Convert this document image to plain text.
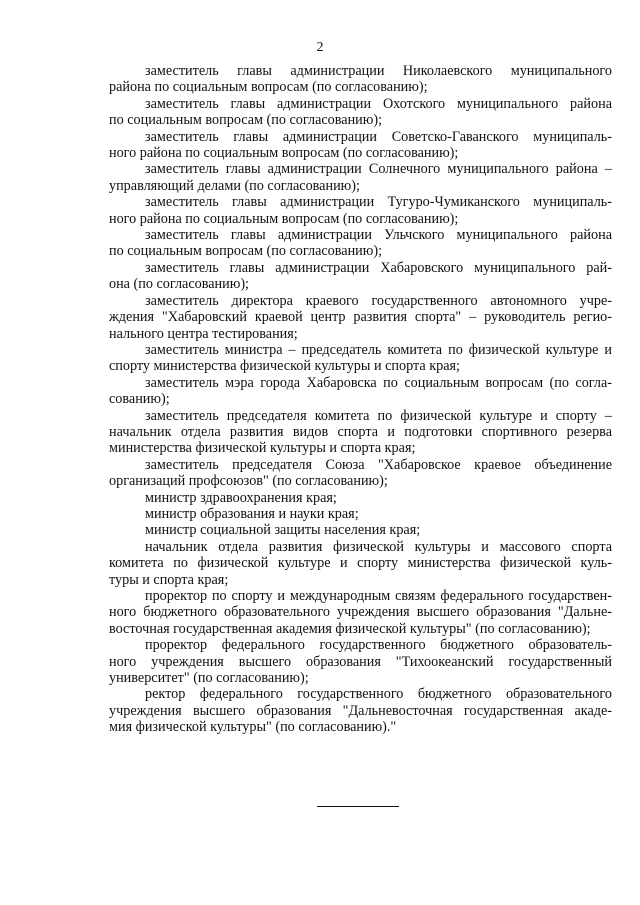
2

заместитель главы администрации Николаевского муниципального
района по социальным вопросам (по согласованию);

заместитель главы администрации Охотского муниципального района
по социальным вопросам (по согласованию);

заместитель главы администрации Советско-Гаванского муниципаль-
ного района по социальным вопросам (по согласованию);

заместитель главы администрации Солнечного муниципального района –
управляющий делами (по согласованию);

заместитель главы администрации Тугуро-Чумиканского муниципаль-
ного района по социальным вопросам (по согласованию);

заместитель главы администрации Ульчского муниципального района
по социальным вопросам (по согласованию);

заместитель главы администрации Хабаровского муниципального рай-
она (по согласованию);

заместитель директора краевого государственного автономного учре-
ждения "Хабаровский краевой центр развития спорта" – руководитель регио-
нального центра тестирования;

заместитель министра – председатель комитета по физической культуре и
спорту министерства физической культуры и спорта края;

заместитель мэра города Хабаровска по социальным вопросам (по согла-
сованию);

заместитель председателя комитета по физической культуре и спорту –
начальник отдела развития видов спорта и подготовки спортивного резерва
министерства физической культуры и спорта края;

заместитель председателя Союза "Хабаровское краевое объединение
организаций профсоюзов" (по согласованию);

министр здравоохранения края;

министр образования и науки края;

министр социальной защиты населения края;

начальник отдела развития физической культуры и массового спорта
комитета по физической культуре и спорту министерства физической куль-
туры и спорта края;

проректор по спорту и международным связям федерального государствен-
ного бюджетного образовательного учреждения высшего образования "Дальне-
восточная государственная академия физической культуры" (по согласованию);

проректор федерального государственного бюджетного образователь-
ного учреждения высшего образования "Тихоокеанский государственный
университет" (по согласованию);

ректор федерального государственного бюджетного образовательного
учреждения высшего образования "Дальневосточная государственная акаде-
мия физической культуры" (по согласованию)."
